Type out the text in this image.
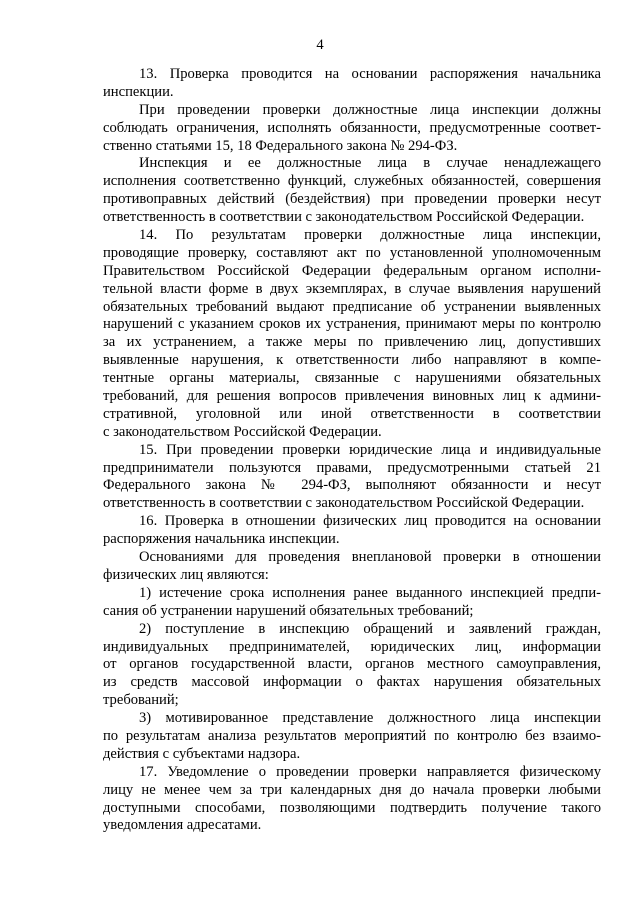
4
13. Проверка проводится на основании распоряжения начальника
инспекции.
При проведении проверки должностные лица инспекции должны
соблюдать ограничения, исполнять обязанности, предусмотренные соответ-
ственно статьями 15, 18 Федерального закона № 294-ФЗ.
Инспекция и ее должностные лица в случае ненадлежащего
исполнения соответственно функций, служебных обязанностей, совершения
противоправных действий (бездействия) при проведении проверки несут
ответственность в соответствии с законодательством Российской Федерации.
14. По результатам проверки должностные лица инспекции,
проводящие проверку, составляют акт по установленной уполномоченным
Правительством Российской Федерации федеральным органом исполни-
тельной власти форме в двух экземплярах, в случае выявления нарушений
обязательных требований выдают предписание об устранении выявленных
нарушений с указанием сроков их устранения, принимают меры по контролю
за их устранением, а также меры по привлечению лиц, допустивших
выявленные нарушения, к ответственности либо направляют в компе-
тентные органы материалы, связанные с нарушениями обязательных
требований, для решения вопросов привлечения виновных лиц к админи-
стративной, уголовной или иной ответственности в соответствии
с законодательством Российской Федерации.
15. При проведении проверки юридические лица и индивидуальные
предприниматели пользуются правами, предусмотренными статьей 21
Федерального закона № 294-ФЗ, выполняют обязанности и несут
ответственность в соответствии с законодательством Российской Федерации.
16. Проверка в отношении физических лиц проводится на основании
распоряжения начальника инспекции.
Основаниями для проведения внеплановой проверки в отношении
физических лиц являются:
1) истечение срока исполнения ранее выданного инспекцией предпи-
сания об устранении нарушений обязательных требований;
2) поступление в инспекцию обращений и заявлений граждан,
индивидуальных предпринимателей, юридических лиц, информации
от органов государственной власти, органов местного самоуправления,
из средств массовой информации о фактах нарушения обязательных
требований;
3) мотивированное представление должностного лица инспекции
по результатам анализа результатов мероприятий по контролю без взаимо-
действия с субъектами надзора.
17. Уведомление о проведении проверки направляется физическому
лицу не менее чем за три календарных дня до начала проверки любыми
доступными способами, позволяющими подтвердить получение такого
уведомления адресатами.
